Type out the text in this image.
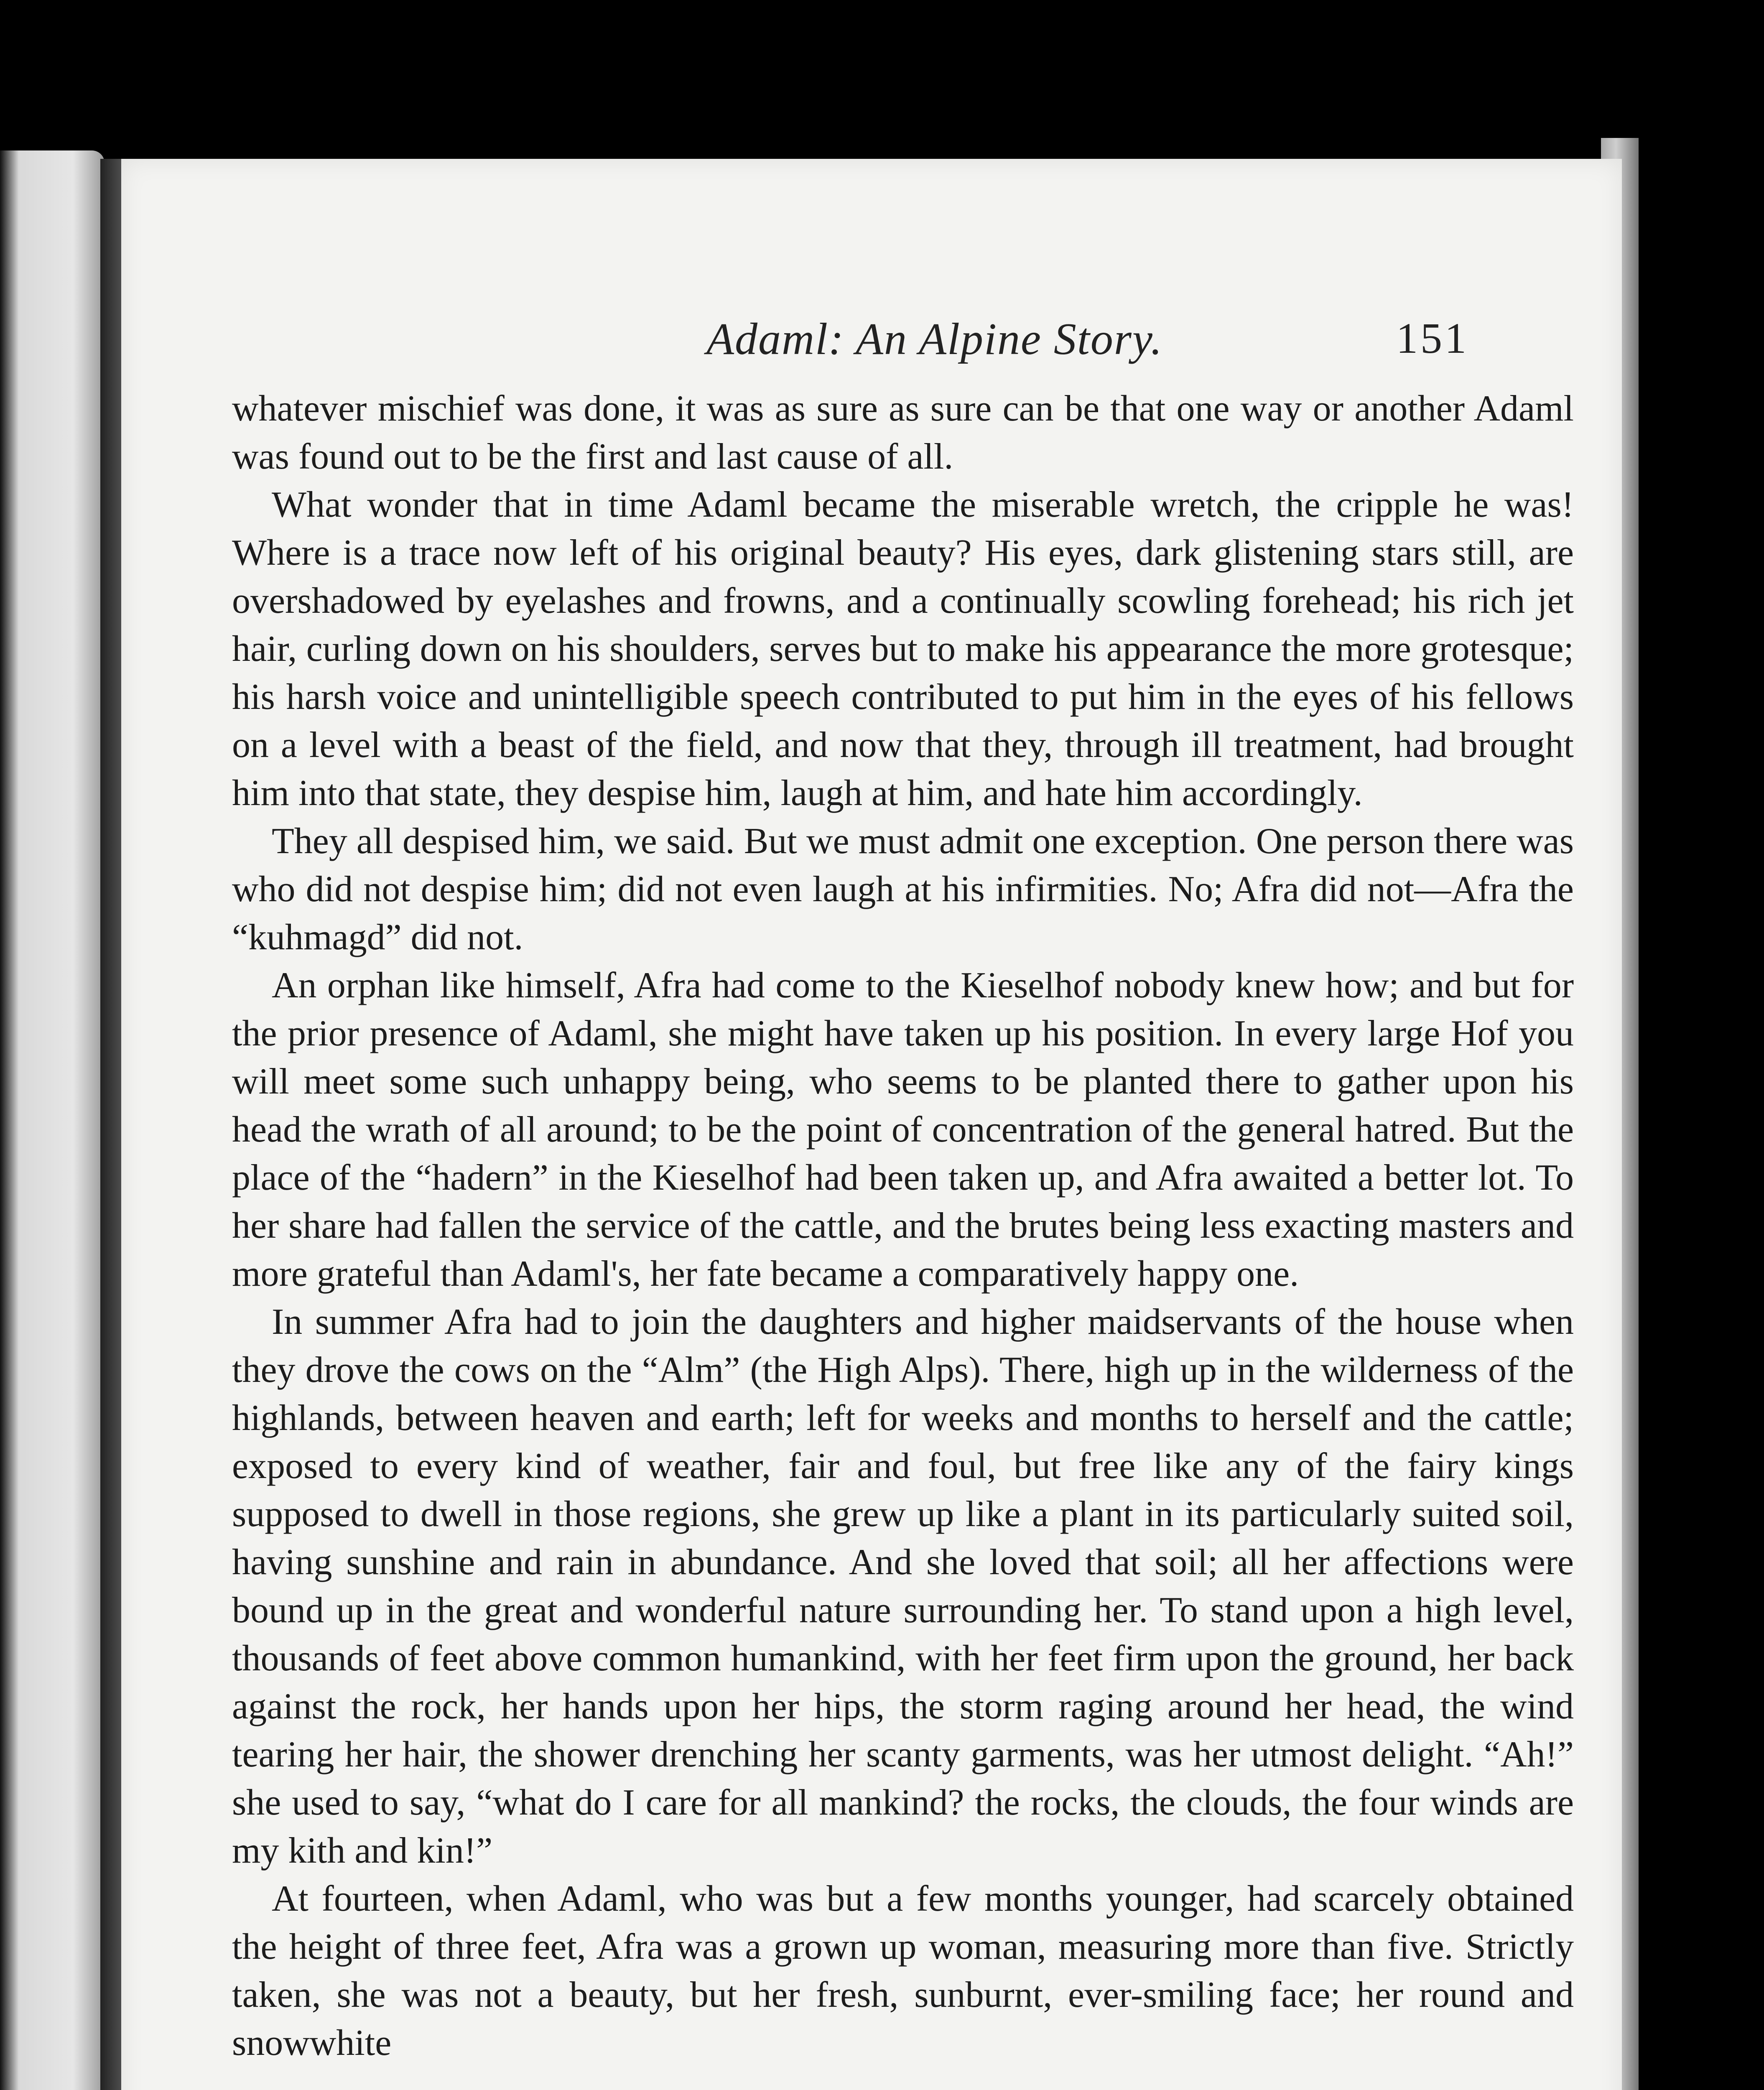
Adaml: An Alpine Story.	151

whatever mischief was done, it was as sure as sure can be that one way or another Adaml was found out to be the first and last cause of all.

What wonder that in time Adaml became the miserable wretch, the cripple he was! Where is a trace now left of his original beauty? His eyes, dark glistening stars still, are overshadowed by eyelashes and frowns, and a continually scowling forehead; his rich jet hair, curling down on his shoulders, serves but to make his appearance the more grotesque; his harsh voice and unintelligible speech contributed to put him in the eyes of his fellows on a level with a beast of the field, and now that they, through ill treatment, had brought him into that state, they despise him, laugh at him, and hate him accordingly.

They all despised him, we said. But we must admit one exception. One person there was who did not despise him; did not even laugh at his infirmities. No; Afra did not—Afra the “kuhmagd” did not.

An orphan like himself, Afra had come to the Kieselhof nobody knew how; and but for the prior presence of Adaml, she might have taken up his position. In every large Hof you will meet some such unhappy being, who seems to be planted there to gather upon his head the wrath of all around; to be the point of concentration of the general hatred. But the place of the “hadern” in the Kieselhof had been taken up, and Afra awaited a better lot. To her share had fallen the service of the cattle, and the brutes being less exacting masters and more grateful than Adaml's, her fate became a comparatively happy one.

In summer Afra had to join the daughters and higher maidservants of the house when they drove the cows on the “Alm” (the High Alps). There, high up in the wilderness of the highlands, between heaven and earth; left for weeks and months to herself and the cattle; exposed to every kind of weather, fair and foul, but free like any of the fairy kings supposed to dwell in those regions, she grew up like a plant in its particularly suited soil, having sunshine and rain in abundance. And she loved that soil; all her affections were bound up in the great and wonderful nature surrounding her. To stand upon a high level, thousands of feet above common humankind, with her feet firm upon the ground, her back against the rock, her hands upon her hips, the storm raging around her head, the wind tearing her hair, the shower drenching her scanty garments, was her utmost delight. “Ah!” she used to say, “what do I care for all mankind? the rocks, the clouds, the four winds are my kith and kin!”

At fourteen, when Adaml, who was but a few months younger, had scarcely obtained the height of three feet, Afra was a grown up woman, measuring more than five. Strictly taken, she was not a beauty, but her fresh, sunburnt, ever-smiling face; her round and snowwhite
